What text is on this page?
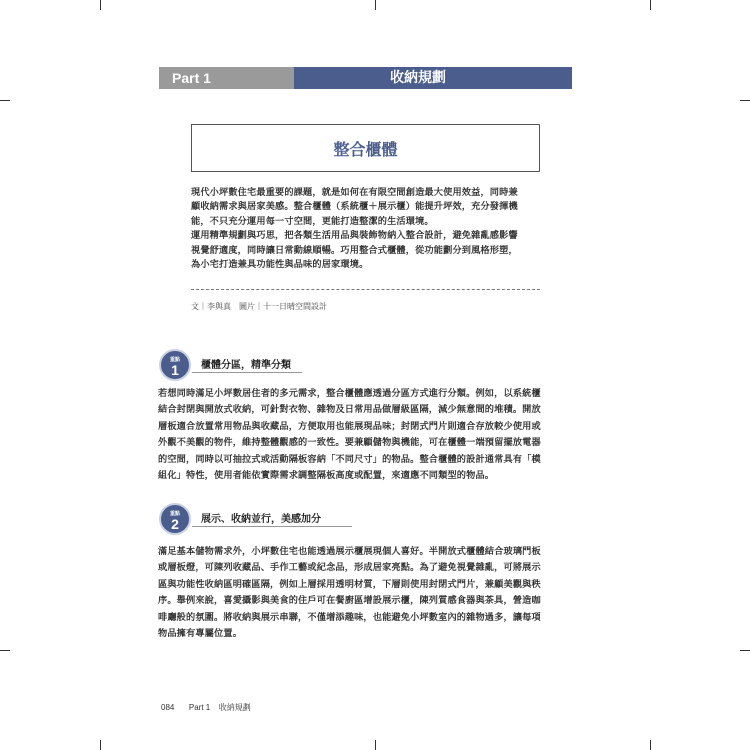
Part 1	收納規劃
整合櫃體

現代小坪數住宅最重要的課題，就是如何在有限空間創造最大使用效益，同時兼

顧收納需求與居家美感。整合櫃體（系統櫃＋展示櫃）能提升坪效，充分發揮機

能，不只充分運用每一寸空間，更能打造整潔的生活環境。

運用精準規劃與巧思，把各類生活用品與裝飾物納入整合設計，避免雜亂感影響

視覺舒適度，同時讓日常動線順暢。巧用整合式櫃體，從功能劃分到風格形塑，

為小宅打造兼具功能性與品味的居家環境。

文｜李與真　圖片｜十一日晴空間設計
重點
1	櫃體分區，精準分類

若想同時滿足小坪數居住者的多元需求，整合櫃體應透過分區方式進行分類。例如，以系統櫃

結合封閉與開放式收納，可針對衣物、雜物及日常用品做層級區隔，減少無意間的堆積。開放

層板適合放置常用物品與收藏品，方便取用也能展現品味；封閉式門片則適合存放較少使用或

外觀不美觀的物件，維持整體觀感的一致性。要兼顧儲物與機能，可在櫃體一端預留擺放電器

的空間，同時以可抽拉式或活動隔板容納「不同尺寸」的物品。整合櫃體的設計通常具有「模

組化」特性，使用者能依實際需求調整隔板高度或配置，來適應不同類型的物品。

重點
2	展示、收納並行，美感加分

滿足基本儲物需求外，小坪數住宅也能透過展示櫃展現個人喜好。半開放式櫃體結合玻璃門板

或層板燈，可陳列收藏品、手作工藝或紀念品，形成居家亮點。為了避免視覺雜亂，可將展示

區與功能性收納區明確區隔，例如上層採用透明材質，下層則使用封閉式門片，兼顧美觀與秩

序。舉例來說，喜愛攝影與美食的住戶可在餐廚區增設展示櫃，陳列質感食器與茶具，營造咖

啡廳般的氛圍。將收納與展示串聯，不僅增添趣味，也能避免小坪數室內的雜物過多，讓每項

物品擁有專屬位置。

084 Part 1 收納規劃
